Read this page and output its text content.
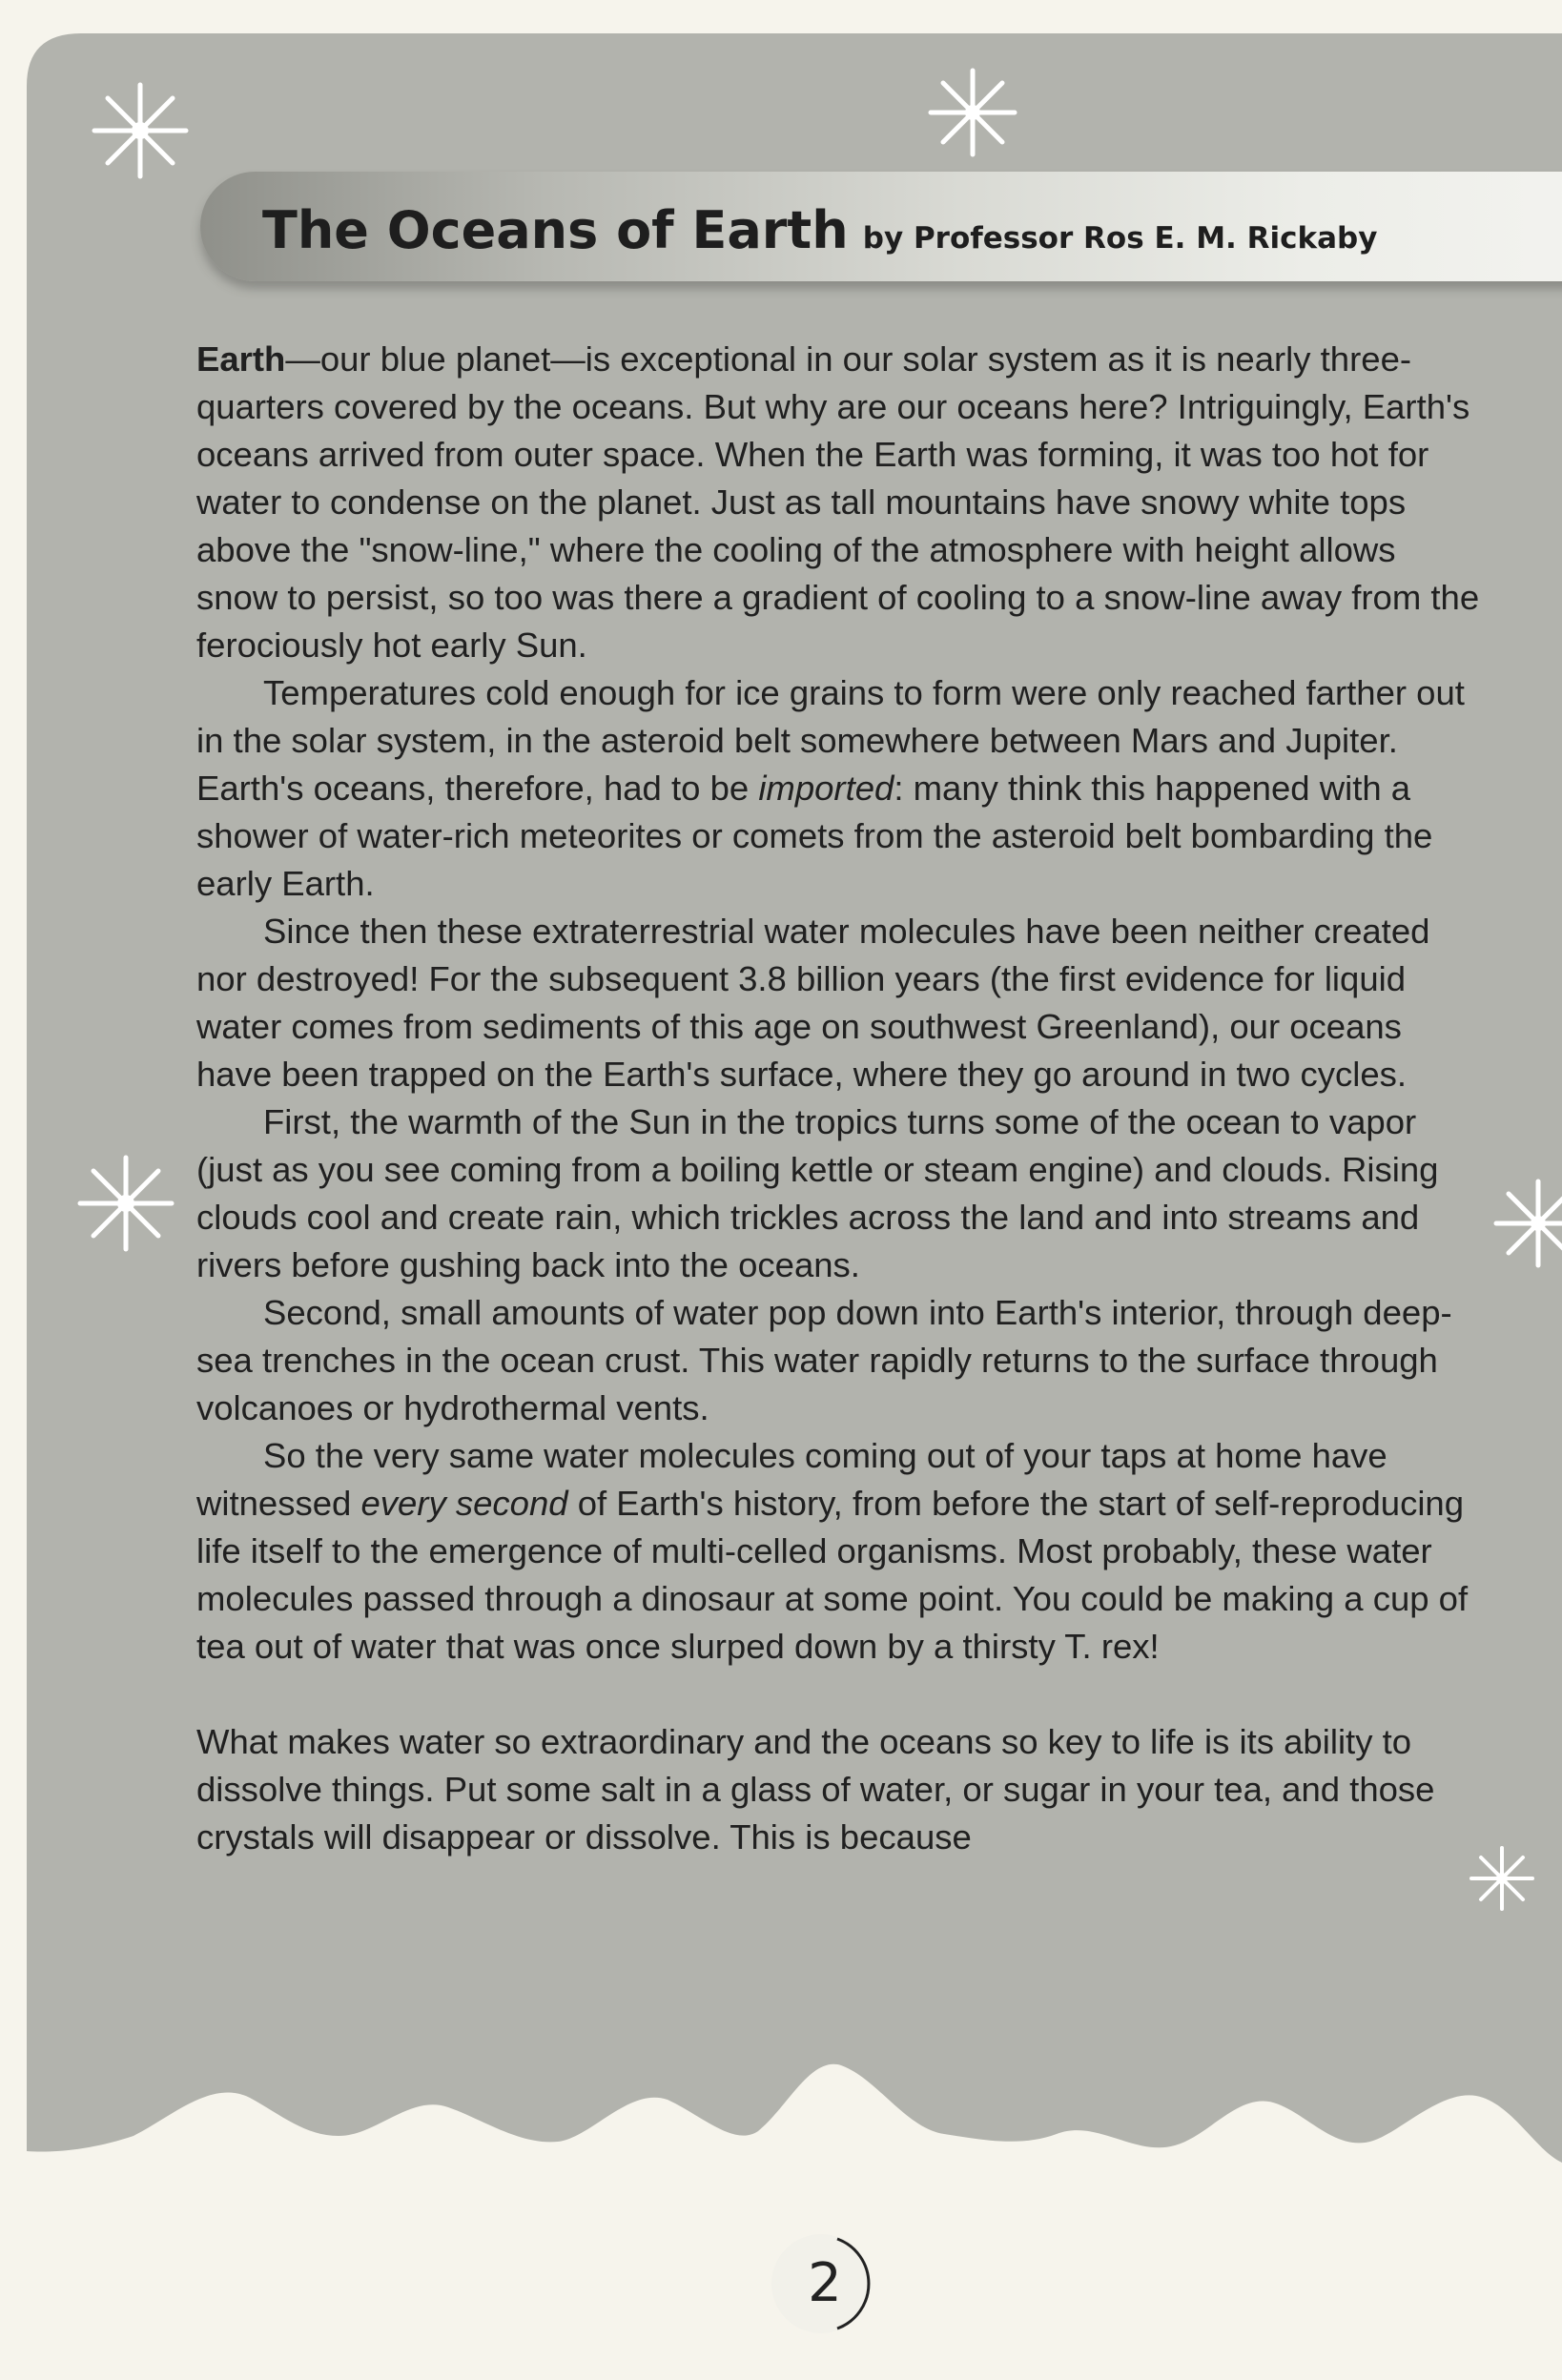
The Oceans of Earth by Professor Ros E. M. Rickaby

Earth—our blue planet—is exceptional in our solar system as it is nearly three-quarters covered by the oceans. But why are our oceans here? Intriguingly, Earth's oceans arrived from outer space. When the Earth was forming, it was too hot for water to condense on the planet. Just as tall mountains have snowy white tops above the "snow-line," where the cooling of the atmosphere with height allows snow to persist, so too was there a gradient of cooling to a snow-line away from the ferociously hot early Sun.

Temperatures cold enough for ice grains to form were only reached farther out in the solar system, in the asteroid belt somewhere between Mars and Jupiter. Earth's oceans, therefore, had to be imported: many think this happened with a shower of water-rich meteorites or comets from the asteroid belt bombarding the early Earth.

Since then these extraterrestrial water molecules have been neither created nor destroyed! For the subsequent 3.8 billion years (the first evidence for liquid water comes from sediments of this age on southwest Greenland), our oceans have been trapped on the Earth's surface, where they go around in two cycles.

First, the warmth of the Sun in the tropics turns some of the ocean to vapor (just as you see coming from a boiling kettle or steam engine) and clouds. Rising clouds cool and create rain, which trickles across the land and into streams and rivers before gushing back into the oceans.

Second, small amounts of water pop down into Earth's interior, through deep-sea trenches in the ocean crust. This water rapidly returns to the surface through volcanoes or hydrothermal vents.

So the very same water molecules coming out of your taps at home have witnessed every second of Earth's history, from before the start of self-reproducing life itself to the emergence of multi-celled organisms. Most probably, these water molecules passed through a dinosaur at some point. You could be making a cup of tea out of water that was once slurped down by a thirsty T. rex!

What makes water so extraordinary and the oceans so key to life is its ability to dissolve things. Put some salt in a glass of water, or sugar in your tea, and those crystals will disappear or dissolve. This is because

2
